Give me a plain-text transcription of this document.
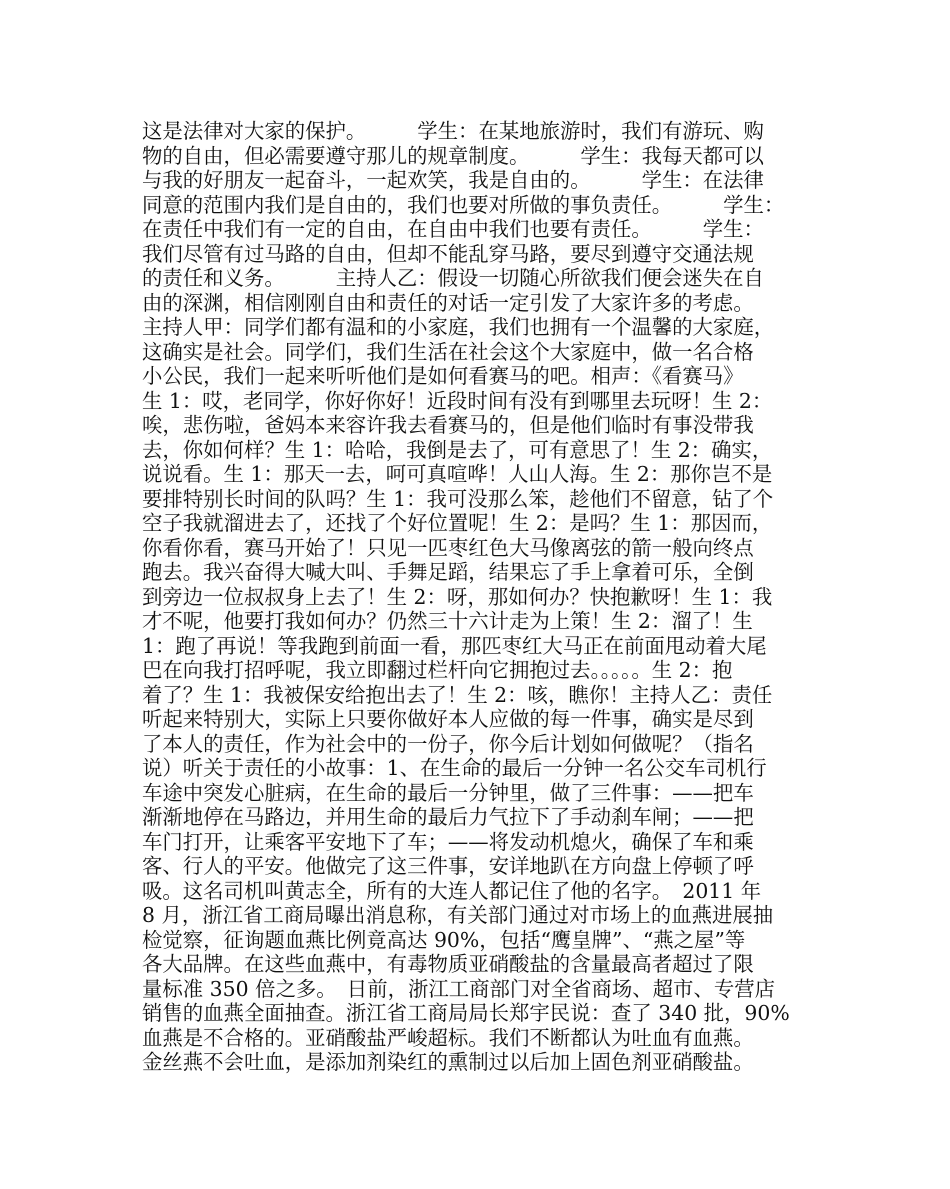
这是法律对大家的保护。　　　学生：在某地旅游时，我们有游玩、购
物的自由，但必需要遵守那儿的规章制度。　　　学生：我每天都可以
与我的好朋友一起奋斗，一起欢笑，我是自由的。　　　学生：在法律
同意的范围内我们是自由的，我们也要对所做的事负责任。　　　学生：
在责任中我们有一定的自由，在自由中我们也要有责任。　　　学生：
我们尽管有过马路的自由，但却不能乱穿马路，要尽到遵守交通法规
的责任和义务。　　　主持人乙：假设一切随心所欲我们便会迷失在自
由的深渊，相信刚刚自由和责任的对话一定引发了大家许多的考虑。
主持人甲：同学们都有温和的小家庭，我们也拥有一个温馨的大家庭，
这确实是社会。同学们，我们生活在社会这个大家庭中，做一名合格
小公民，我们一起来听听他们是如何看赛马的吧。相声：《看赛马》
生 1：哎，老同学，你好你好！近段时间有没有到哪里去玩呀！生 2：
唉，悲伤啦，爸妈本来容许我去看赛马的，但是他们临时有事没带我
去，你如何样？生 1：哈哈，我倒是去了，可有意思了！生 2：确实，
说说看。生 1：那天一去，呵可真喧哗！人山人海。生 2：那你岂不是
要排特别长时间的队吗？生 1：我可没那么笨，趁他们不留意，钻了个
空子我就溜进去了，还找了个好位置呢！生 2：是吗？生 1：那因而，
你看你看，赛马开始了！只见一匹枣红色大马像离弦的箭一般向终点
跑去。我兴奋得大喊大叫、手舞足蹈，结果忘了手上拿着可乐，全倒
到旁边一位叔叔身上去了！生 2：呀，那如何办？快抱歉呀！生 1：我
才不呢，他要打我如何办？仍然三十六计走为上策！生 2：溜了！生
1：跑了再说！等我跑到前面一看，那匹枣红大马正在前面甩动着大尾
巴在向我打招呼呢，我立即翻过栏杆向它拥抱过去。。。。。生 2：抱
着了？生 1：我被保安给抱出去了！生 2：咳，瞧你！主持人乙：责任
听起来特别大，实际上只要你做好本人应做的每一件事，确实是尽到
了本人的责任，作为社会中的一份子，你今后计划如何做呢？（指名
说）听关于责任的小故事：1、在生命的最后一分钟一名公交车司机行
车途中突发心脏病，在生命的最后一分钟里，做了三件事：——把车
渐渐地停在马路边，并用生命的最后力气拉下了手动刹车闸；——把
车门打开，让乘客平安地下了车；——将发动机熄火，确保了车和乘
客、行人的平安。他做完了这三件事，安详地趴在方向盘上停顿了呼
吸。这名司机叫黄志全，所有的大连人都记住了他的名字。　2011 年
8 月，浙江省工商局曝出消息称，有关部门通过对市场上的血燕进展抽
检觉察，征询题血燕比例竟高达 90%，包括“鹰皇牌”、“燕之屋”等
各大品牌。在这些血燕中，有毒物质亚硝酸盐的含量最高者超过了限
量标准 350 倍之多。　日前，浙江工商部门对全省商场、超市、专营店
销售的血燕全面抽查。浙江省工商局局长郑宇民说：查了 340 批，90%
血燕是不合格的。亚硝酸盐严峻超标。我们不断都认为吐血有血燕。
金丝燕不会吐血，是添加剂染红的熏制过以后加上固色剂亚硝酸盐。
